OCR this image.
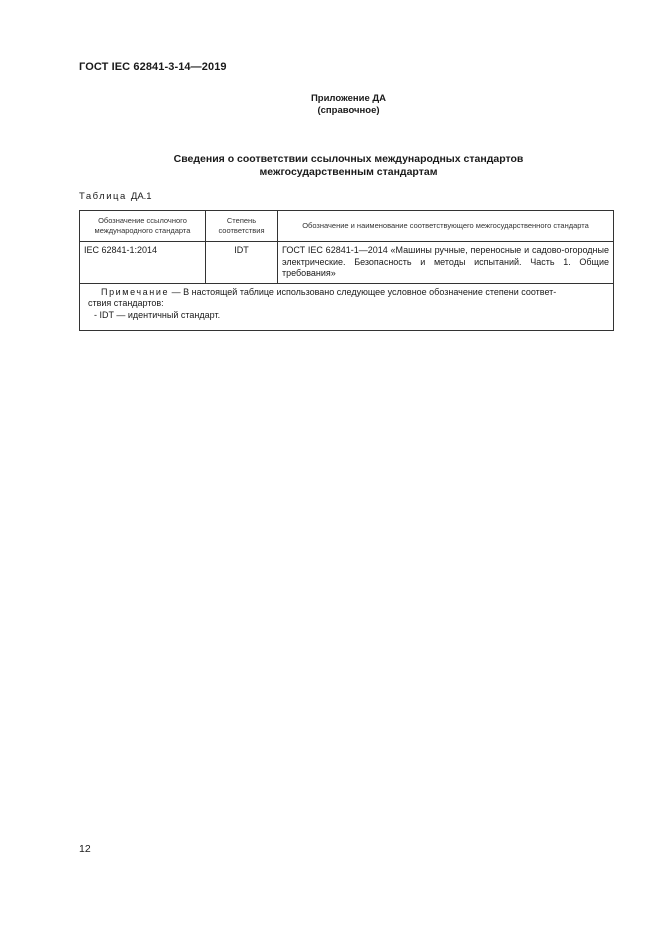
ГОСТ IEC 62841-3-14—2019
Приложение ДА
(справочное)
Сведения о соответствии ссылочных международных стандартов
межгосударственным стандартам
Таблица ДА.1
Обозначение ссылочного международного стандарта	Степень соответствия	Обозначение и наименование соответствующего межгосударственного стандарта
IEC 62841-1:2014	IDT	ГОСТ IEC 62841-1—2014 «Машины ручные, переносные и садово-огородные электрические. Безопасность и методы испытаний. Часть 1. Общие требования»

Примечание — В настоящей таблице использовано следующее условное обозначение степени соответ-
ствия стандартов:
- IDT — идентичный стандарт.		
12
